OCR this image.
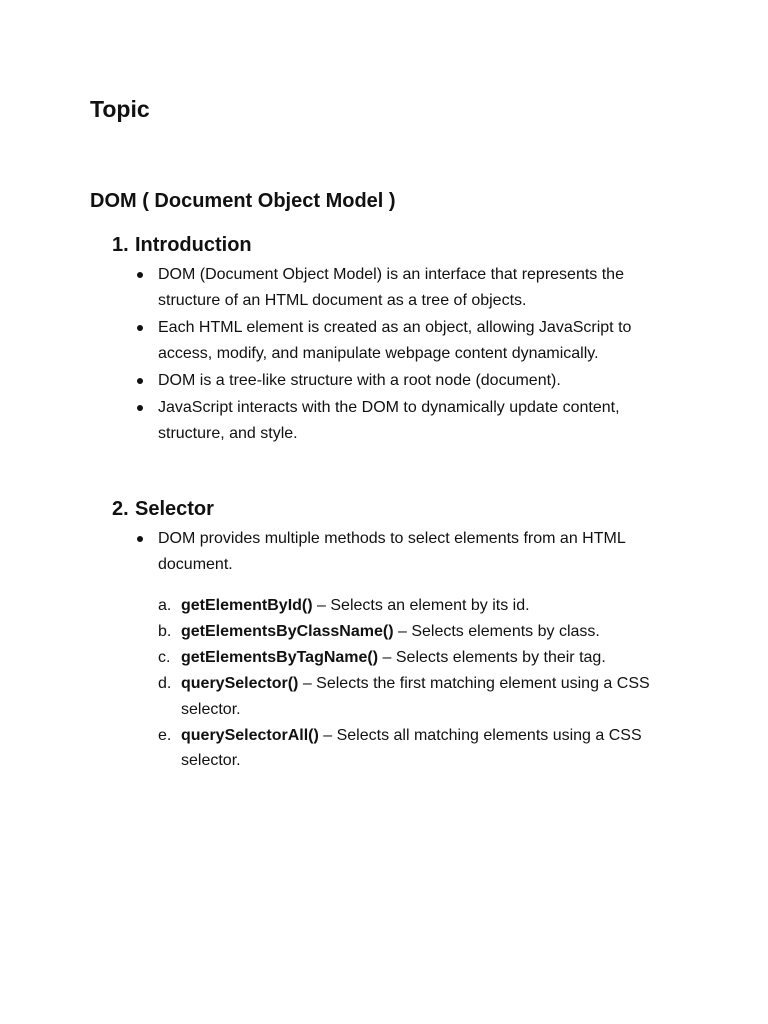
Topic
DOM ( Document Object Model )
1. Introduction
DOM (Document Object Model) is an interface that represents the structure of an HTML document as a tree of objects.
Each HTML element is created as an object, allowing JavaScript to access, modify, and manipulate webpage content dynamically.
DOM is a tree-like structure with a root node (document).
JavaScript interacts with the DOM to dynamically update content, structure, and style.
2. Selector
DOM provides multiple methods to select elements from an HTML document.
a. getElementById() – Selects an element by its id.
b. getElementsByClassName() – Selects elements by class.
c. getElementsByTagName() – Selects elements by their tag.
d. querySelector() – Selects the first matching element using a CSS selector.
e. querySelectorAll() – Selects all matching elements using a CSS selector.
